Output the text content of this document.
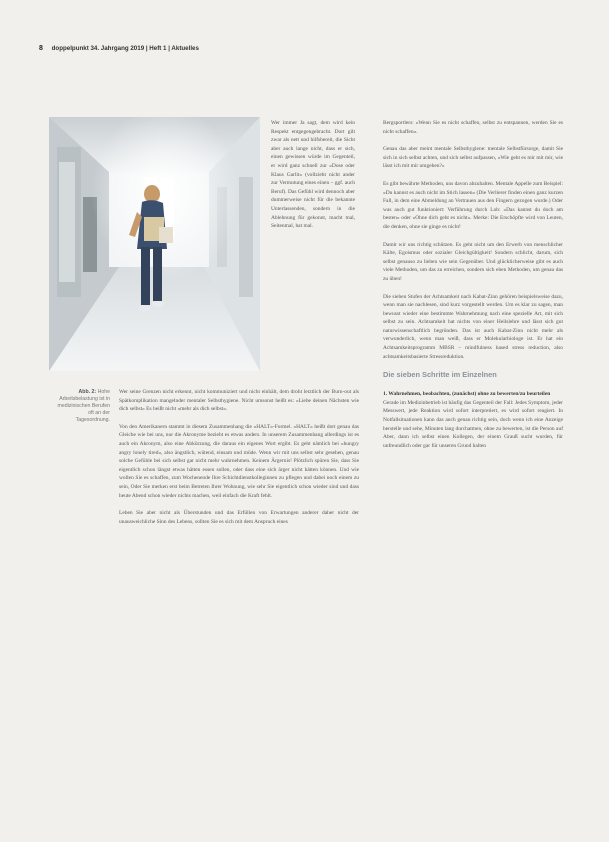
8 doppelpunkt 34. Jahrgang 2019 | Heft 1 | Aktuelles
Abb. 2: Hohe Arbeitsbelastung ist in medizinischen Berufen oft an der Tagesordnung.

Wer immer Ja sagt, dem wird kein Respekt entgegengebracht. Dort gilt zwar als nett und hilfsbereit, die Sicht aber auch lange nicht, dass er sich, einen gewissen würde im Gegenteil, er wird ganz schnell zur «Dose oder Klaus Garlit» (vollzieht nicht ander zur Vermutung eines einen – ggf. auch Beruf). Das Gefühl wird dennoch aber dummerweise nicht für die bekannte Unterlassenden, sondern in die Ablehnung für gekonnt, macht mal, Seitenmal, hat mal.

Wer seine Grenzen nicht erkennt, nicht kommuniziert und nicht einhält, dem droht letztlich der Burn-out als Spätkomplikation mangelnder mentaler Selbsthygiene. Nicht umsonst heißt es: «Liebe deinen Nächsten wie dich selbst» Es heißt nicht «mehr als dich selbst».

Von den Amerikanern stammt in diesem Zusammenhang die «HALT»-Formel. «HALT» heißt dort genau das Gleiche wie bei uns, nur die Akronyme bezieht es etwas anders. In unserem Zusammenhang allerdings ist es auch ein Akronym, also eine Abkürzung, die daraus ein eigenes Wort ergibt. Es geht nämlich bei «hungry angry lonely tired», also ängstlich, wütend, einsam und müde. Wenn wir mit uns selbst sehr gesehen, genau solche Gefühle bei sich selbst gar nicht mehr wahrnehmen. Keinem Ärgernis! Plötzlich spüren Sie, dass Sie eigentlich schon längst etwas hätten essen sollen, oder dass eine sich ärger nicht hätten können. Und wie wollen Sie es schaffen, zum Wochenende Ihre Schichtdienstkolleginnen zu pflegen und dabei noch einem zu sein, Oder Sie merken erst beim Betreten Ihrer Wohnung, wie sehr Sie eigentlich schon wieder sind und dass heute Abend schon wieder nichts machen, weil einfach die Kraft fehlt.

Leben Sie aber nicht als Überstunden und das Erfüllen von Erwartungen anderer daher nicht der unausweichliche Sinn des Lebens, sollten Sie es sich mit dem Anspruch eines

Bergsportlers: «Wenn Sie es nicht schaffen, selbst zu entspannen, werden Sie es nicht schaffen».

Genau das aber meint mentale Selbsthygiene: mentale Selbstfürsorge, damit Sie sich in sich selbst achten, und sich selbst aufpassen, «Wie geht es mir mit mir, wie lässt ich mit mir umgehen?»

Es gibt bewährte Methoden, uns davon abzuhalten. Mentale Appelle zum Beispiel: «Du kannst es auch nicht im Stich lassen» (Die Verlierer finden einen ganz kurzen Fall, in dem eine Abmeldung an Vertrauen aus den Fingern gezogen wurde.) Oder was auch gut funktioniert: Verführung durch Lob: «Das kannst du doch am besten» oder «Ohne dich geht es nicht». Merke: Die Erschöpfte wird von Leuten, die denken, ohne sie ginge es nicht!

Damit wir uns richtig schützen. Es geht nicht um den Erwerb von menschlicher Kälte, Egoismus oder sozialer Gleichgültigkeit! Sondern schlicht, darum, sich selbst genauso zu lieben wie sein Gegenüber. Und glücklicherweise gibt es auch viele Methoden, um das zu erreichen, sondern sich eben Methoden, um genau das zu üben!

Die sieben Stufen der Achtsamkeit nach Kabat-Zinn gehören beispielsweise dazu, wenn man sie nachlesen, sind kurz vorgestellt werden. Um es klar zu sagen, man bewusst wieder eine bestimmte Wahrnehmung nach eine spezielle Art, mit sich selbst zu sein. Achtsamkeit hat nichts von einer Heilslehre und lässt sich gut naturwissenschaftlich begründen. Das ist auch Kabat-Zinn nicht mehr als verwunderlich, wenn man weiß, dass er Molekularbiologe ist. Er hat ein Achtsamkeitsprogramm MBSR – mindfulness based stress reduction, also achtsamkeitsbasierte Stressreduktion.

Die sieben Schritte im Einzelnen

1. Wahrnehmen, beobachten, (zunächst) ohne zu bewerten/zu beurteilen

Gerade im Medizinbetrieb ist häufig das Gegenteil der Fall: Jedes Symptom, jeder Messwert, jede Reaktion wird sofort interpretiert, es wird sofort reagiert. In Notfallsituationen kann das auch genau richtig sein, doch wenn ich eine Anzeige herstelle und sehe, Minuten lang durchatmen, ohne zu bewerten, ist die Person auf Aber, dann ich selbst einen Kollegen, der einem Grauß sucht wurden, für unfreundlich oder gar für unseren Grund halten
